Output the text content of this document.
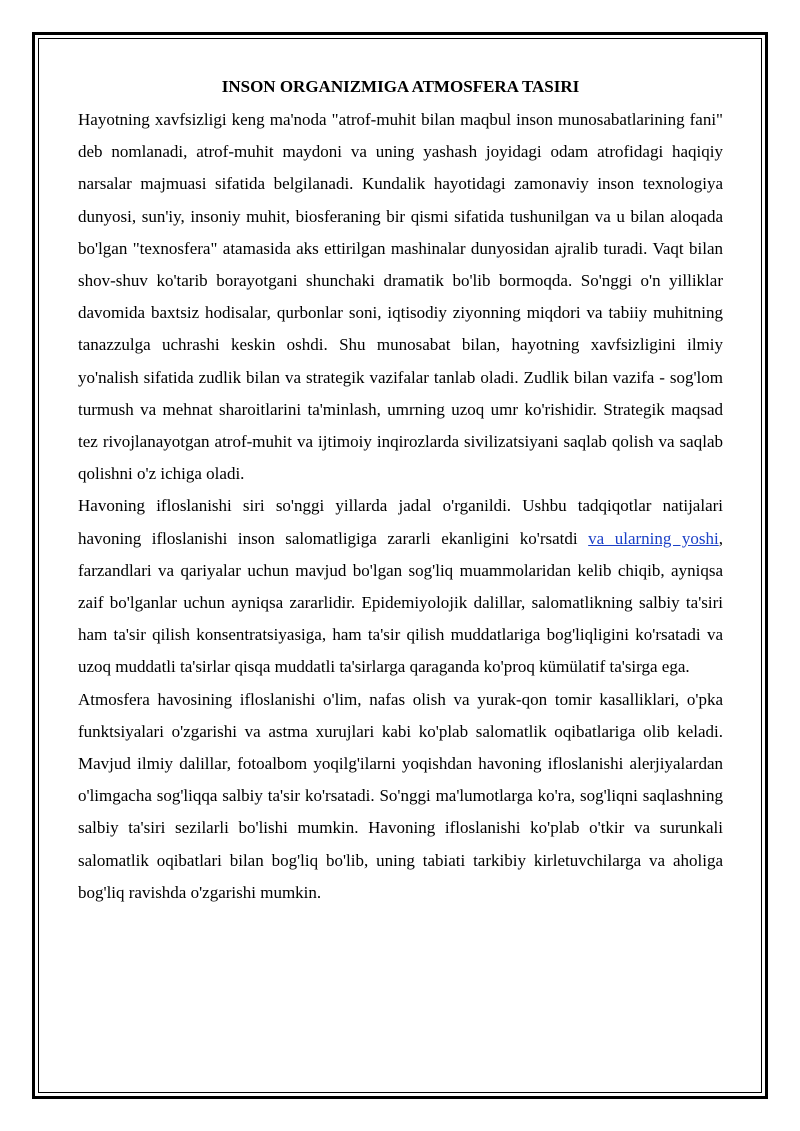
INSON ORGANIZMIGA ATMOSFERA TASIRI

Hayotning xavfsizligi keng ma'noda "atrof-muhit bilan maqbul inson munosabatlarining fani" deb nomlanadi, atrof-muhit maydoni va uning yashash joyidagi odam atrofidagi haqiqiy narsalar majmuasi sifatida belgilanadi. Kundalik hayotidagi zamonaviy inson texnologiya dunyosi, sun'iy, insoniy muhit, biosferaning bir qismi sifatida tushunilgan va u bilan aloqada bo'lgan "texnosfera" atamasida aks ettirilgan mashinalar dunyosidan ajralib turadi. Vaqt bilan shov-shuv ko'tarib borayotgani shunchaki dramatik bo'lib bormoqda. So'nggi o'n yilliklar davomida baxtsiz hodisalar, qurbonlar soni, iqtisodiy ziyonning miqdori va tabiiy muhitning tanazzulga uchrashi keskin oshdi. Shu munosabat bilan, hayotning xavfsizligini ilmiy yo'nalish sifatida zudlik bilan va strategik vazifalar tanlab oladi. Zudlik bilan vazifa - sog'lom turmush va mehnat sharoitlarini ta'minlash, umrning uzoq umr ko'rishidir. Strategik maqsad tez rivojlanayotgan atrof-muhit va ijtimoiy inqirozlarda sivilizatsiyani saqlab qolish va saqlab qolishni o'z ichiga oladi.

Havoning ifloslanishi siri so'nggi yillarda jadal o'rganildi. Ushbu tadqiqotlar natijalari havoning ifloslanishi inson salomatligiga zararli ekanligini ko'rsatdi va ularning yoshi, farzandlari va qariyalar uchun mavjud bo'lgan sog'liq muammolaridan kelib chiqib, ayniqsa zaif bo'lganlar uchun ayniqsa zararlidir. Epidemiyolojik dalillar, salomatlikning salbiy ta'siri ham ta'sir qilish konsentratsiyasiga, ham ta'sir qilish muddatlariga bog'liqligini ko'rsatadi va uzoq muddatli ta'sirlar qisqa muddatli ta'sirlarga qaraganda ko'proq kümülatif ta'sirga ega.

Atmosfera havosining ifloslanishi o'lim, nafas olish va yurak-qon tomir kasalliklari, o'pka funktsiyalari o'zgarishi va astma xurujlari kabi ko'plab salomatlik oqibatlariga olib keladi. Mavjud ilmiy dalillar, fotoalbom yoqilg'ilarni yoqishdan havoning ifloslanishi alerjiyalardan o'limgacha sog'liqqa salbiy ta'sir ko'rsatadi. So'nggi ma'lumotlarga ko'ra, sog'liqni saqlashning salbiy ta'siri sezilarli bo'lishi mumkin. Havoning ifloslanishi ko'plab o'tkir va surunkali salomatlik oqibatlari bilan bog'liq bo'lib, uning tabiati tarkibiy kirletuvchilarga va aholiga bog'liq ravishda o'zgarishi mumkin.
